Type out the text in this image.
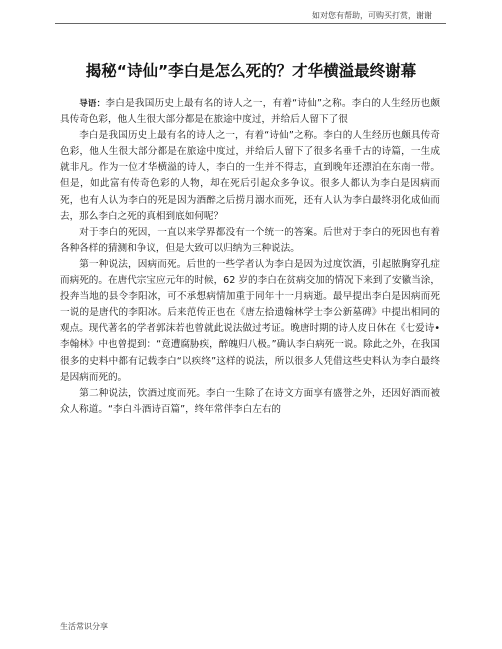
如对您有帮助，可购买打赏，谢谢
揭秘“诗仙”李白是怎么死的？才华横溢最终谢幕

导语：李白是我国历史上最有名的诗人之一，有着“诗仙”之称。李白的人生经历也颇具传奇色彩，他人生很大部分都是在旅途中度过，并给后人留下了很

李白是我国历史上最有名的诗人之一，有着“诗仙”之称。李白的人生经历也颇具传奇色彩，他人生很大部分都是在旅途中度过，并给后人留下了很多名垂千古的诗篇，一生成就非凡。作为一位才华横溢的诗人，李白的一生并不得志，直到晚年还漂泊在东南一带。但是，如此富有传奇色彩的人物，却在死后引起众多争议。很多人都认为李白是因病而死，也有人认为李白的死是因为酒醉之后捞月溺水而死，还有人认为李白最终羽化成仙而去，那么李白之死的真相到底如何呢？

对于李白的死因，一直以来学界都没有一个统一的答案。后世对于李白的死因也有着各种各样的猜测和争议，但是大致可以归纳为三种说法。

第一种说法，因病而死。后世的一些学者认为李白是因为过度饮酒，引起脓胸穿孔症而病死的。在唐代宗宝应元年的时候，62 岁的李白在贫病交加的情况下来到了安徽当涂，投奔当地的县令李阳冰，可不承想病情加重于同年十一月病逝。最早提出李白是因病而死一说的是唐代的李阳冰。后来范传正也在《唐左拾遗翰林学士李公新墓碑》中提出相同的观点。现代著名的学者郭沫若也曾就此说法做过考证。晚唐时期的诗人皮日休在《七爱诗•李翰林》中也曾提到：“竟遭腐胁疾，醉魄归八极。”确认李白病死一说。除此之外，在我国很多的史料中都有记载李白“以疾终”这样的说法，所以很多人凭借这些史料认为李白最终是因病而死的。

第二种说法，饮酒过度而死。李白一生除了在诗文方面享有盛誉之外，还因好酒而被众人称道。“李白斗酒诗百篇”，终年常伴李白左右的

生活常识分享
